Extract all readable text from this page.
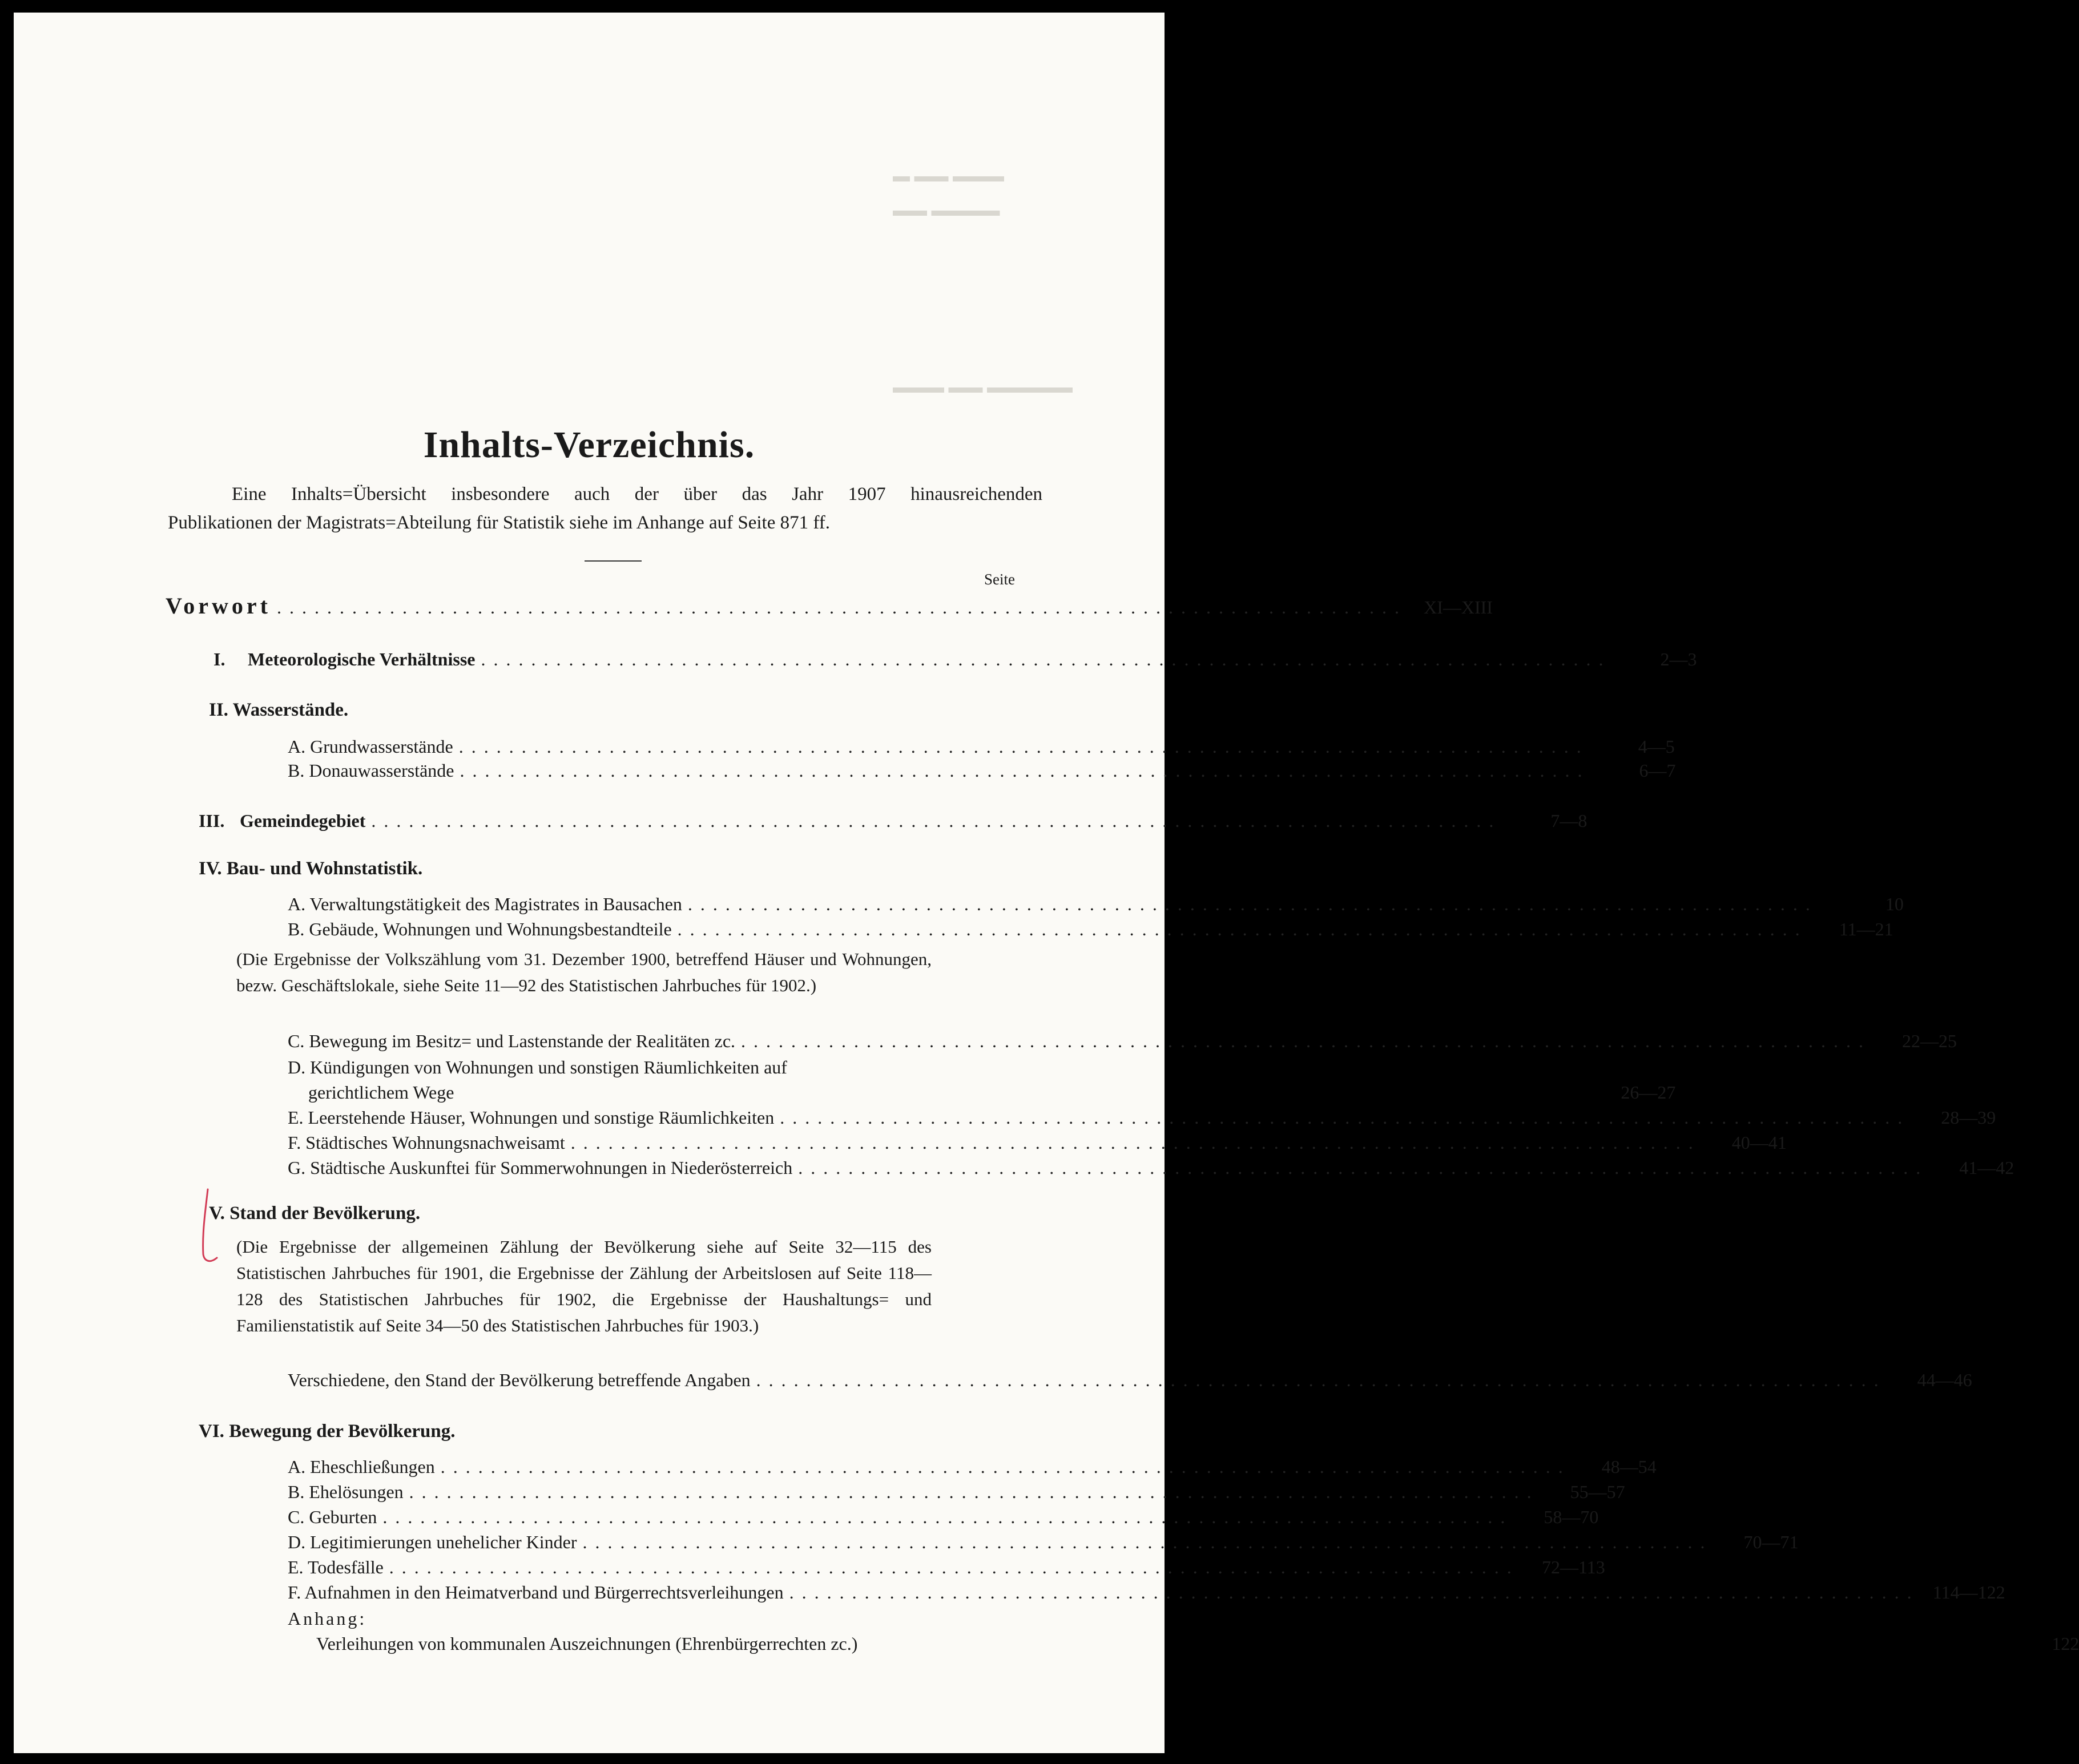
▬ ▬▬ ▬▬▬
▬▬ ▬▬▬▬
▬▬▬ ▬▬ ▬▬▬▬▬
Inhalts-Verzeichnis.
Eine Inhalts=Übersicht insbesondere auch der über das Jahr 1907 hinausreichenden
Publikationen der Magistrats=Abteilung für Statistik siehe im Anhange auf Seite 871 ff.
Seite
Vorwort .......................................................................................... XI—XIII
I.	Meteorologische Verhältnisse ..........................................................................................	2—3
II. Wasserstände.
A. Grundwasserstände ..........................................................................................	4—5
B. Donauwasserstände ..........................................................................................	6—7
III. Gemeindegebiet ..........................................................................................	7—8
IV. Bau- und Wohnstatistik.
A. Verwaltungstätigkeit des Magistrates in Bausachen ..........................................................................................	10
B. Gebäude, Wohnungen und Wohnungsbestandteile ..........................................................................................	11—21
(Die Ergebnisse der Volkszählung vom 31. Dezember 1900, betreffend Häuser und Wohnungen, bezw. Geschäftslokale, siehe Seite 11—92 des Statistischen Jahrbuches für 1902.)
C. Bewegung im Besitz= und Lastenstande der Realitäten zc. ..........................................................................................	22—25
D. Kündigungen von Wohnungen und sonstigen Räumlichkeiten auf
gerichtlichem Wege	26—27
E. Leerstehende Häuser, Wohnungen und sonstige Räumlichkeiten ..........................................................................................	28—39
F. Städtisches Wohnungsnachweisamt ..........................................................................................	40—41
G. Städtische Auskunftei für Sommerwohnungen in Niederösterreich ..........................................................................................	41—42
V. Stand der Bevölkerung.
(Die Ergebnisse der allgemeinen Zählung der Bevölkerung siehe auf Seite 32—115 des Statistischen Jahrbuches für 1901, die Ergebnisse der Zählung der Arbeitslosen auf Seite 118—128 des Statistischen Jahrbuches für 1902, die Ergebnisse der Haushaltungs= und Familienstatistik auf Seite 34—50 des Statistischen Jahrbuches für 1903.)
Verschiedene, den Stand der Bevölkerung betreffende Angaben ..........................................................................................	44—46
VI. Bewegung der Bevölkerung.
A. Eheschließungen ..........................................................................................	48—54
B. Ehelösungen ..........................................................................................	55—57
C. Geburten ..........................................................................................	58—70
D. Legitimierungen unehelicher Kinder ..........................................................................................	70—71
E. Todesfälle ..........................................................................................	72—113
F. Aufnahmen in den Heimatverband und Bürgerrechtsverleihungen .......................................................................................... 114—122
Anhang:
Verleihungen von kommunalen Auszeichnungen (Ehrenbürgerrechten zc.)	122
